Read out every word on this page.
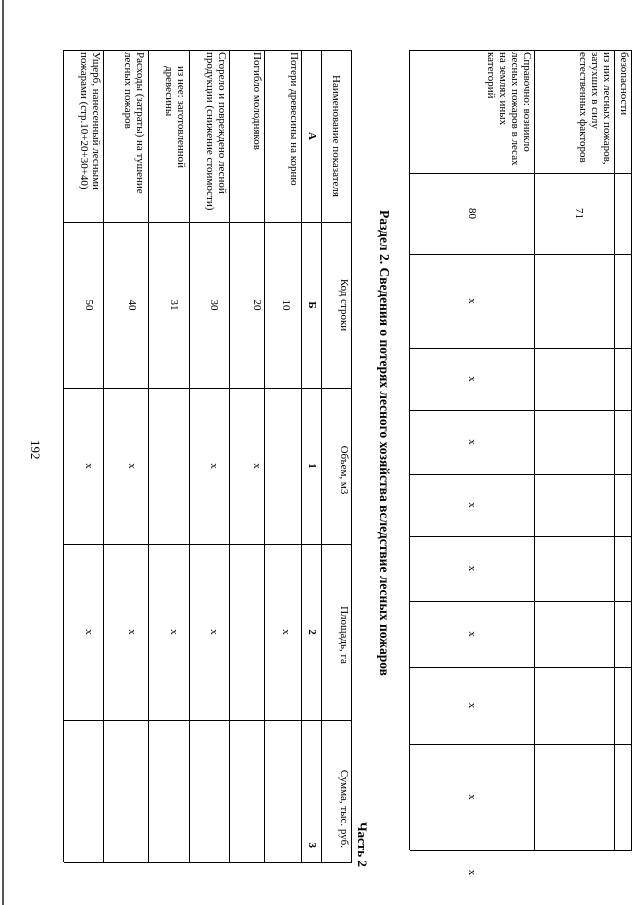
192
безопасности
из них лесных пожаров, затухших в силу естественных факторов
Справочно: возникло лесных пожаров в лесах на землях иных категорий
71
80
x
x
x
x
x
x
x
x
x
Раздел 2. Сведения о потерях лесного хозяйства вследствие лесных пожаров
Часть 2
Наименование показателя
Код строки
Объем, м3
Площадь, га
Сумма, тыс. руб.
А
Б
1
2
3
Потери древесины на корню
10
x
Погибло молодняков
20
x
Сгорело и повреждено лесной продукции (снижение стоимости)
30
x
x
из нее: заготовленной древесины
31
x
Расходы (затраты) на тушение лесных пожаров
40
x
x
Ущерб, нанесенный лесными пожарами (стр.10+20+30+40)
50
x
x
